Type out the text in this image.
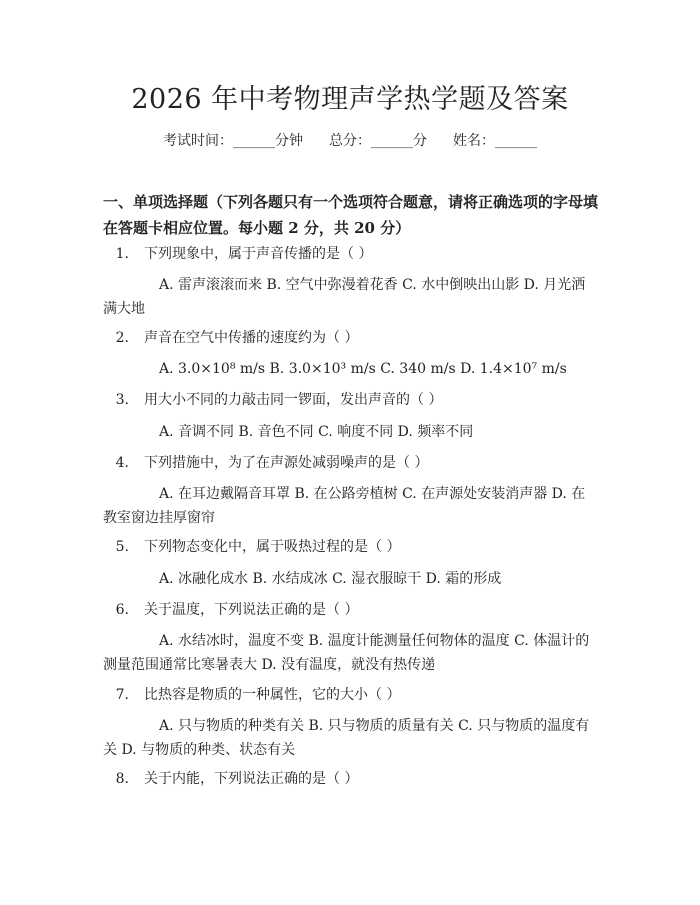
2026 年中考物理声学热学题及答案
考试时间：______分钟 总分：______分 姓名：______
一、单项选择题（下列各题只有一个选项符合题意，请将正确选项的字母填在答题卡相应位置。每小题 2 分，共 20 分）
1. 下列现象中，属于声音传播的是（ ）
A. 雷声滚滚而来 B. 空气中弥漫着花香 C. 水中倒映出山影 D. 月光洒满大地
2. 声音在空气中传播的速度约为（ ）
A. 3.0×10⁸ m/s B. 3.0×10³ m/s C. 340 m/s D. 1.4×10⁷ m/s
3. 用大小不同的力敲击同一锣面，发出声音的（ ）
A. 音调不同 B. 音色不同 C. 响度不同 D. 频率不同
4. 下列措施中，为了在声源处减弱噪声的是（ ）
A. 在耳边戴隔音耳罩 B. 在公路旁植树 C. 在声源处安装消声器 D. 在教室窗边挂厚窗帘
5. 下列物态变化中，属于吸热过程的是（ ）
A. 冰融化成水 B. 水结成冰 C. 湿衣服晾干 D. 霜的形成
6. 关于温度，下列说法正确的是（ ）
A. 水结冰时，温度不变 B. 温度计能测量任何物体的温度 C. 体温计的测量范围通常比寒暑表大 D. 没有温度，就没有热传递
7. 比热容是物质的一种属性，它的大小（ ）
A. 只与物质的种类有关 B. 只与物质的质量有关 C. 只与物质的温度有关 D. 与物质的种类、状态有关
8. 关于内能，下列说法正确的是（ ）
